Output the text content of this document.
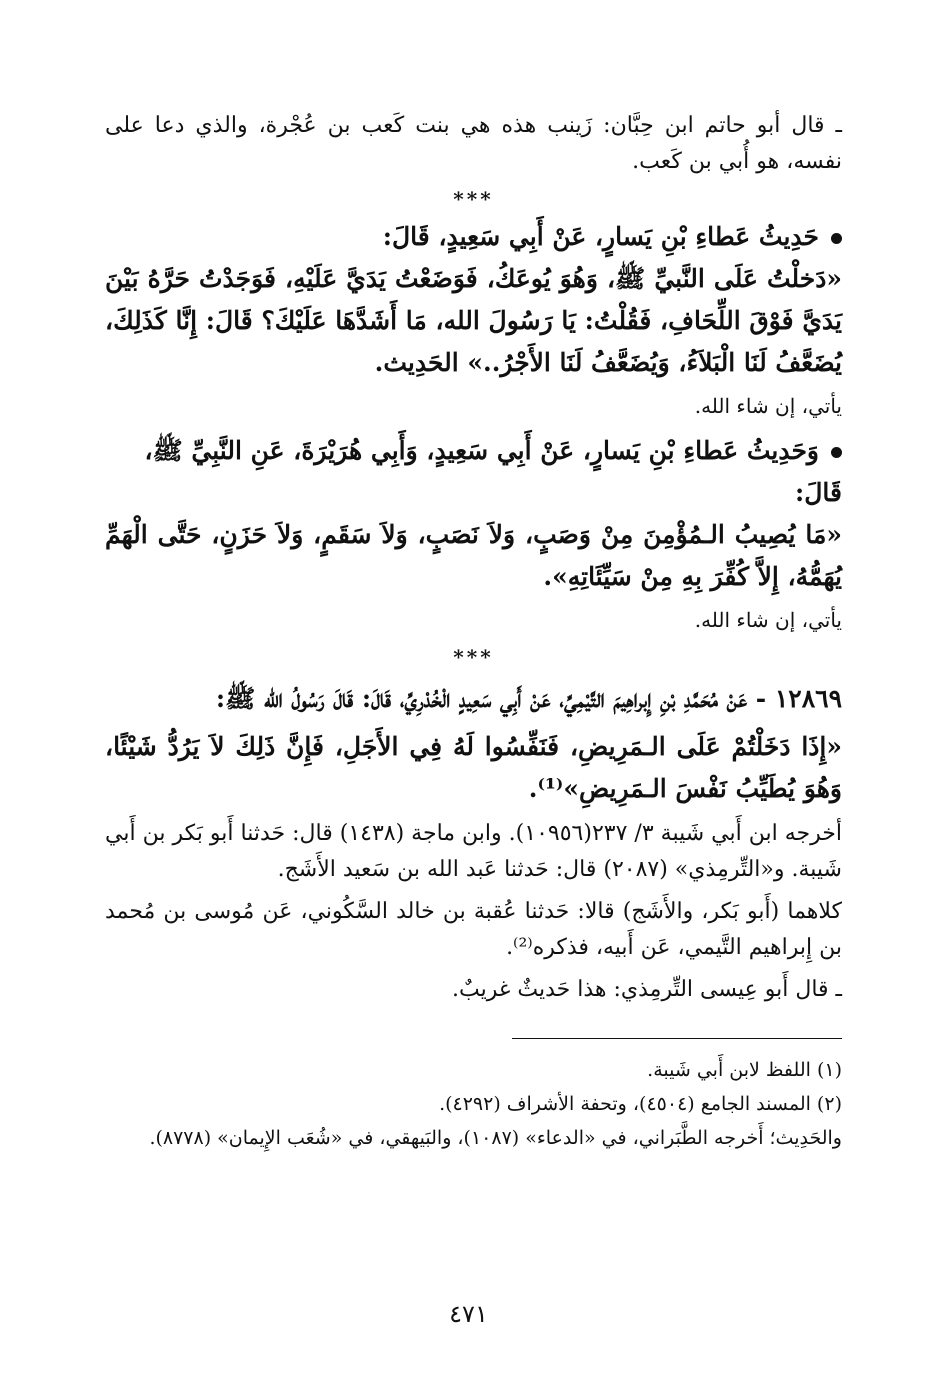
ـ قال أبو حاتم ابن حِبَّان: زَينب هذه هي بنت كَعب بن عُجْرة، والذي دعا على نفسه، هو أُبي بن كَعب.

***

حَدِيثُ عَطاءِ بْنِ يَسارٍ، عَنْ أَبِي سَعِيدٍ، قَالَ:

«دَخلْتُ عَلَى النَّبيِّ ﷺ، وَهُوَ يُوعَكُ، فَوَضَعْتُ يَدَيَّ عَلَيْهِ، فَوَجَدْتُ حَرَّهُ بَيْنَ يَدَيَّ فَوْقَ اللِّحَافِ، فَقُلْتُ: يَا رَسُولَ الله، مَا أَشَدَّهَا عَلَيْكَ؟ قَالَ: إِنَّا كَذَلِكَ، يُضَعَّفُ لَنَا الْبَلاَءُ، وَيُضَعَّفُ لَنَا الأَجْرُ..» الحَدِيث.

يأتي، إن شاء الله.

وَحَدِيثُ عَطاءِ بْنِ يَسارٍ، عَنْ أَبِي سَعِيدٍ، وَأَبِي هُرَيْرَةَ، عَنِ النَّبِيِّ ﷺ، قَالَ:

«مَا يُصِيبُ الـمُؤْمِنَ مِنْ وَصَبٍ، وَلاَ نَصَبٍ، وَلاَ سَقَمٍ، وَلاَ حَزَنٍ، حَتَّى الْهَمِّ يُهَمُّهُ، إِلاَّ كُفِّرَ بِهِ مِنْ سَيِّئَاتِهِ».

يأتي، إن شاء الله.

***

١٢٨٦٩ - عَنْ مُحَمَّدِ بْنِ إِبراهِيمَ التَّيْمِيِّ، عَنْ أَبِي سَعِيدٍ الْخُدْرِيِّ، قَالَ: قَالَ رَسُولُ الله ﷺ:

«إِذَا دَخَلْتُمْ عَلَى الـمَرِيضِ، فَنَفِّسُوا لَهُ فِي الأَجَلِ، فَإِنَّ ذَلِكَ لاَ يَرُدُّ شَيْئًا، وَهُوَ يُطَيِّبُ نَفْسَ الـمَرِيضِ»⁽¹⁾.

أخرجه ابن أَبي شَيبة ٣/ ٢٣٧(١٠٩٥٦). وابن ماجة (١٤٣٨) قال: حَدثنا أَبو بَكر بن أَبي شَيبة. و«التِّرمِذي» (٢٠٨٧) قال: حَدثنا عَبد الله بن سَعيد الأَشَج.

كلاهما (أَبو بَكر، والأَشَج) قالا: حَدثنا عُقبة بن خالد السَّكُوني، عَن مُوسى بن مُحمد بن إِبراهيم التَّيمي، عَن أَبيه، فذكره⁽²⁾.

ـ قال أَبو عِيسى التِّرمِذي: هذا حَديثٌ غريبٌ.

(١) اللفظ لابن أَبي شَيبة.

(٢) المسند الجامع (٤٥٠٤)، وتحفة الأشراف (٤٢٩٢).

والحَدِيث؛ أَخرجه الطَّبَراني، في «الدعاء» (١٠٨٧)، والبَيهقي، في «شُعَب الإِيمان» (٨٧٧٨).

٤٧١
